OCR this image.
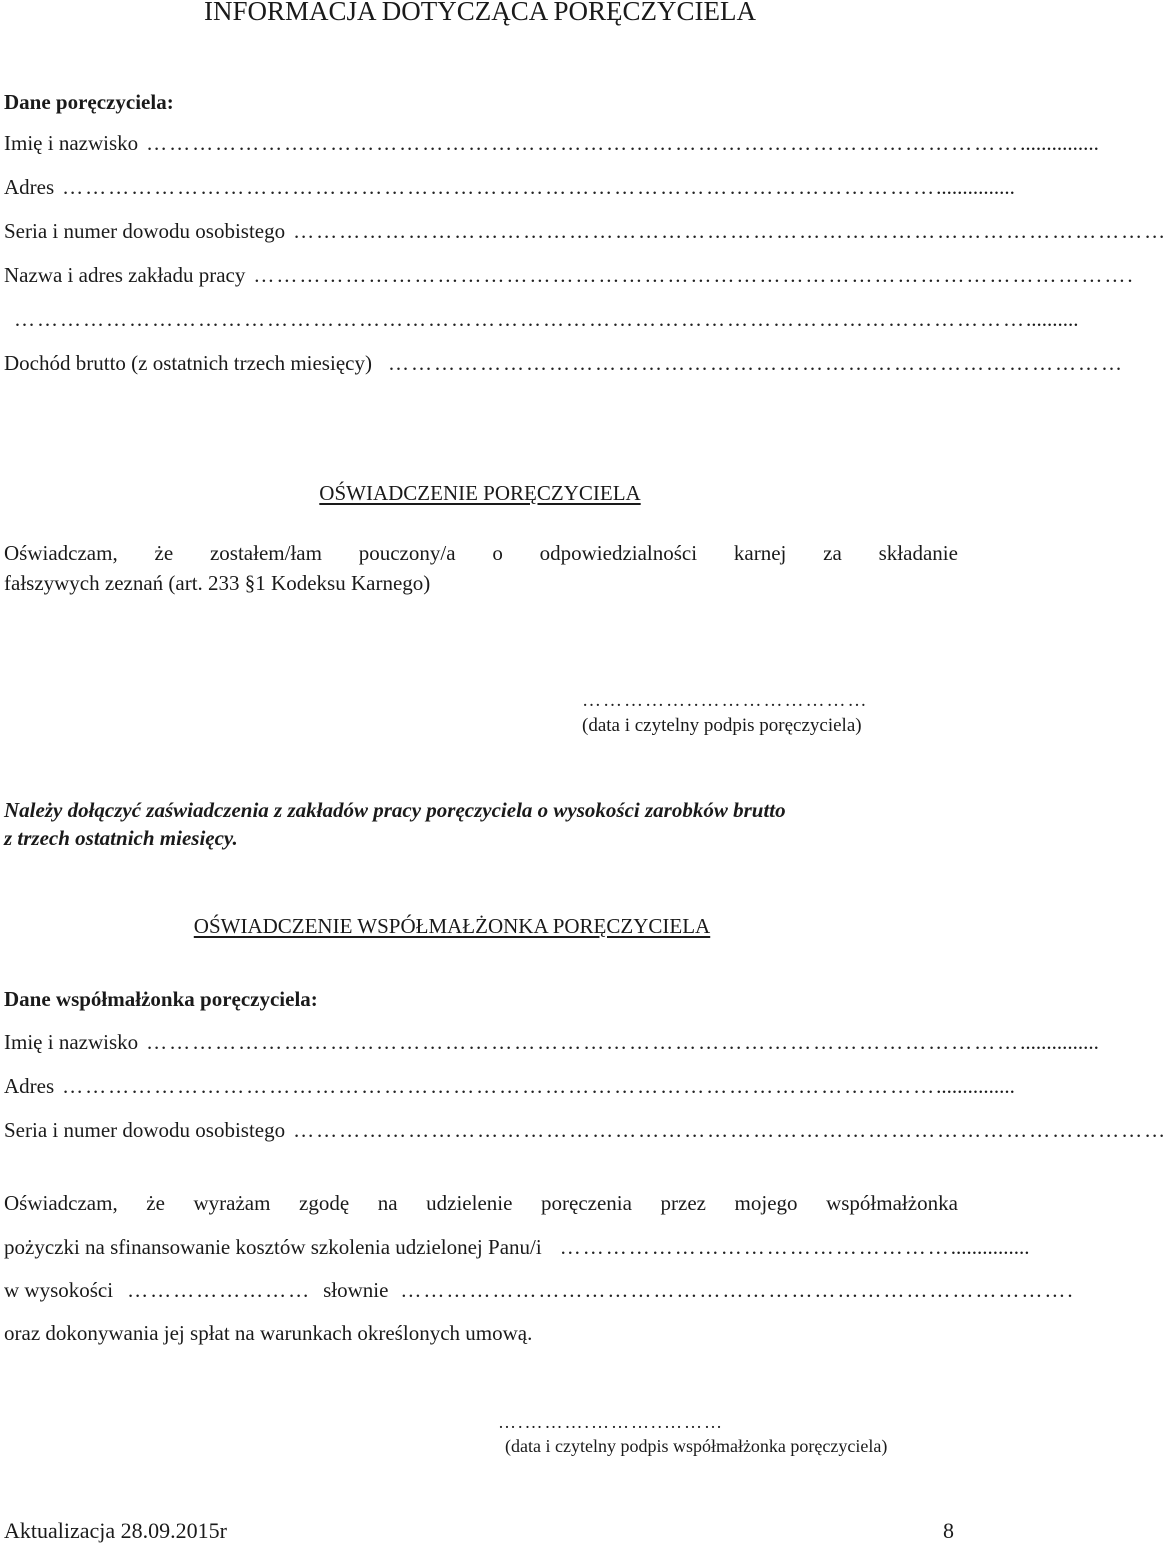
INFORMACJA DOTYCZĄCA PORĘCZYCIELA
Dane poręczyciela:
Imię i nazwisko …………………………………………………………………………………………………… ...............
Adres …………………………………………………………………………………………………… ...............
Seria i numer dowodu osobistego ……………………………………………………………………………………………………
Nazwa i adres zakładu pracy …………………………………………………………………………………………………… .
…………………………………………………………………………………………………………………… ..........
Dochód brutto (z ostatnich trzech miesięcy) ……………………………………………………………………………………
OŚWIADCZENIE PORĘCZYCIELA
Oświadczam, że zostałem/łam pouczony/a o odpowiedzialności karnej za składanie
fałszywych zeznań (art. 233 §1 Kodeksu Karnego)
……………..……………………
(data i czytelny podpis poręczyciela)
Należy dołączyć zaświadczenia z zakładów pracy poręczyciela o wysokości zarobków brutto
z trzech ostatnich miesięcy.
OŚWIADCZENIE WSPÓŁMAŁŻONKA PORĘCZYCIELA
Dane współmałżonka poręczyciela:
Imię i nazwisko …………………………………………………………………………………………………… ...............
Adres …………………………………………………………………………………………………… ...............
Seria i numer dowodu osobistego ……………………………………………………………………………………………………
Oświadczam, że wyrażam zgodę na udzielenie poręczenia przez mojego współmałżonka
pożyczki na sfinansowanie kosztów szkolenia udzielonej Panu/i …………………………………………… ...............
w wysokości …………………… słownie …………………………………………………………………………… .
oraz dokonywania jej spłat na warunkach określonych umową.
….……….………..………
(data i czytelny podpis współmałżonka poręczyciela)
Aktualizacja 28.09.2015r	8
